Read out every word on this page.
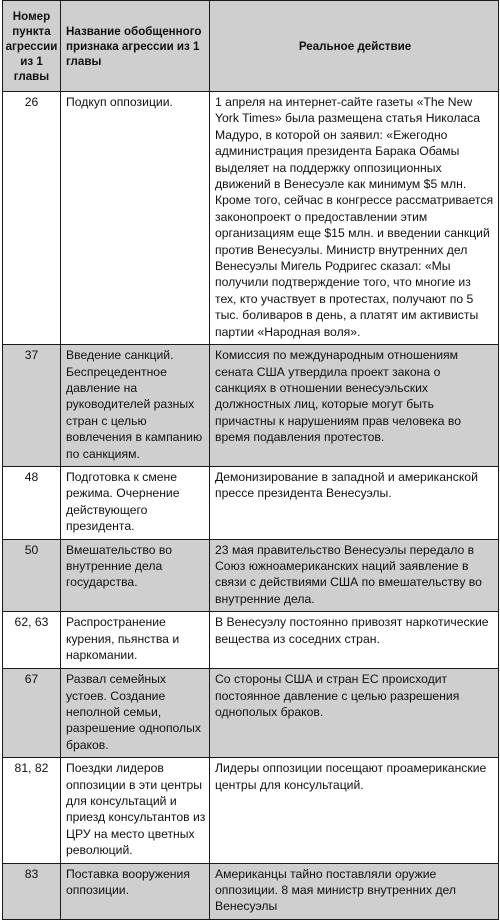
Номер пункта агрессии из 1 главы	Название обобщенного признака агрессии из 1 главы	Реальное действие
26	Подкуп оппозиции.	1 апреля на интернет-сайте газеты «The New York Times» была размещена статья Николаса Мадуро, в которой он заявил: «Ежегодно администрация президента Барака Обамы выделяет на поддержку оппозиционных движений в Венесуэле как минимум $5 млн. Кроме того, сейчас в конгрессе рассматривается законопроект о предоставлении этим организациям еще $15 млн. и введении санкций против Венесуэлы. Министр внутренних дел Венесуэлы Мигель Родригес сказал: «Мы получили подтверждение того, что многие из тех, кто участвует в протестах, получают по 5 тыс. боливаров в день, а платят им активисты партии «Народная воля».
37	Введение санкций. Беспрецедентное давление на руководителей разных стран с целью вовлечения в кампанию по санкциям.	Комиссия по международным отношениям сената США утвердила проект закона о санкциях в отношении венесуэльских должностных лиц, которые могут быть причастны к нарушениям прав человека во время подавления протестов.
48	Подготовка к смене режима. Очернение действующего президента.	Демонизирование в западной и американской прессе президента Венесуэлы.
50	Вмешательство во внутренние дела государства.	23 мая правительство Венесуэлы передало в Союз южноамериканских наций заявление в связи с действиями США по вмешательству во внутренние дела.
62, 63	Распространение курения, пьянства и наркомании.	В Венесуэлу постоянно привозят наркотические вещества из соседних стран.
67	Развал семейных устоев. Создание неполной семьи, разрешение однополых браков.	Со стороны США и стран ЕС происходит постоянное давление с целью разрешения однополых браков.
81, 82	Поездки лидеров оппозиции в эти центры для консультаций и приезд консультантов из ЦРУ на место цветных революций.	Лидеры оппозиции посещают проамериканские центры для консультаций.
83	Поставка вооружения оппозиции.	Американцы тайно поставляли оружие оппозиции. 8 мая министр внутренних дел Венесуэлы
